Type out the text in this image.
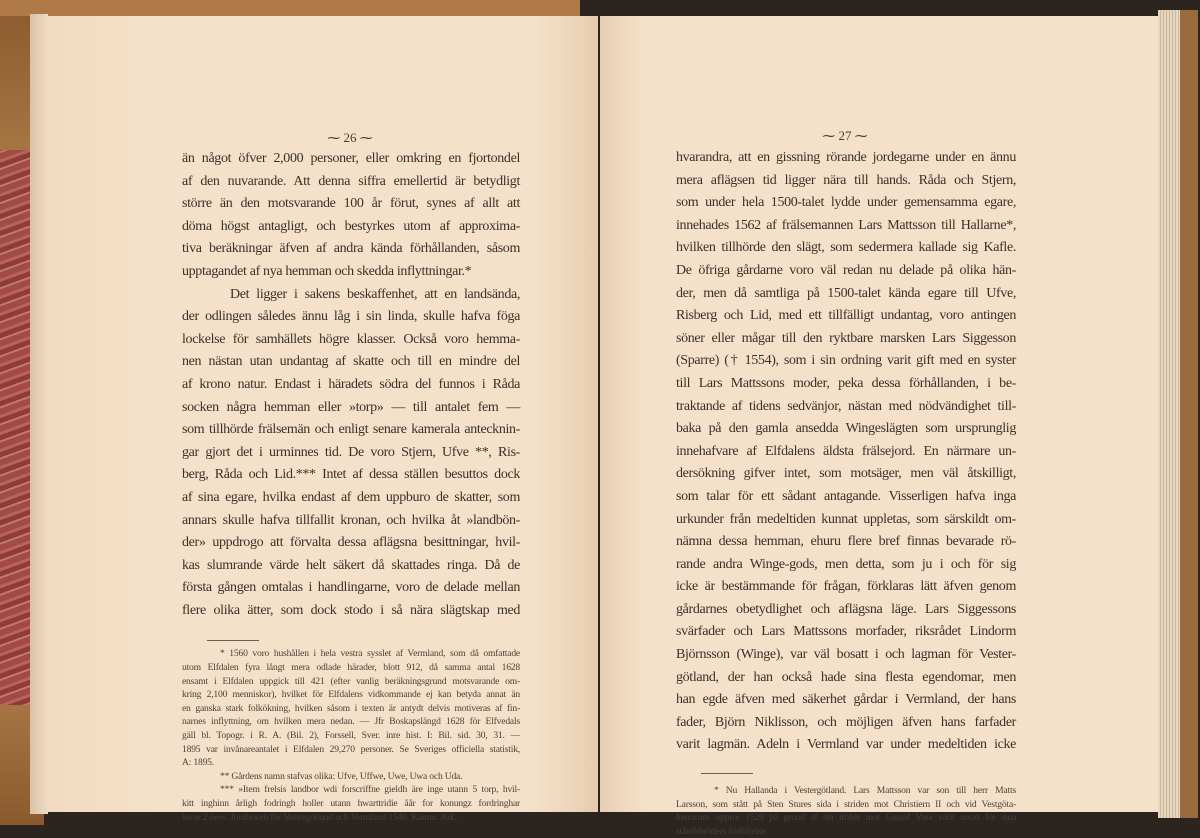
⁓ 26 ⁓	⁓ 27 ⁓
än något öfver 2,000 personer, eller omkring en fjortondel
af den nuvarande. Att denna siffra emellertid är betydligt
större än den motsvarande 100 år förut, synes af allt att
döma högst antagligt, och bestyrkes utom af approxima-
tiva beräkningar äfven af andra kända förhållanden, såsom
upptagandet af nya hemman och skedda inflyttningar.*
Det ligger i sakens beskaffenhet, att en landsända,
der odlingen således ännu låg i sin linda, skulle hafva föga
lockelse för samhällets högre klasser. Också voro hemma-
nen nästan utan undantag af skatte och till en mindre del
af krono natur. Endast i häradets södra del funnos i Råda
socken några hemman eller »torp» — till antalet fem —
som tillhörde frälsemän och enligt senare kamerala antecknin-
gar gjort det i urminnes tid. De voro Stjern, Ufve **, Ris-
berg, Råda och Lid.*** Intet af dessa ställen besuttos dock
af sina egare, hvilka endast af dem uppburo de skatter, som
annars skulle hafva tillfallit kronan, och hvilka åt »landbön-
der» uppdrogo att förvalta dessa aflägsna besittningar, hvil-
kas slumrande värde helt säkert då skattades ringa. Då de
första gången omtalas i handlingarne, voro de delade mellan
flere olika ätter, som dock stodo i så nära slägtskap med
* 1560 voro hushållen i hela vestra sysslet af Vermland, som då omfattade
utom Elfdalen fyra långt mera odlade härader, blott 912, då samma antal 1628
ensamt i Elfdalen uppgick till 421 (efter vanlig beräkningsgrund motsvarande om-
kring 2,100 menniskor), hvilket för Elfdalens vidkommande ej kan betyda annat än
en ganska stark folkökning, hvilken såsom i texten är antydt delvis motiveras af fin-
narnes inflyttning, om hvilken mera nedan. — Jfr Boskapslängd 1628 för Elfvedals
gäll bl. Topogr. i R. A. (Bil. 2), Forssell, Sver. inre hist. I: Bil. sid. 30, 31. —
1895 var invånareantalet i Elfdalen 29,270 personer. Se Sveriges officiella statistik,
A: 1895.
** Gårdens namn stafvas olika: Ufve, Uffwe, Uwe, Uwa och Uda.
*** »Item frelsis landbor wdi forscriffne gieldh äre inge utann 5 torp, hvil-
kitt inghinn årligh fodringh holler utann hwarttridie åår for konungz fordringhar
hwar 2 öre». Jordboken för Vestergötland och Vermland 1540. Kamm. Ark.
hvarandra, att en gissning rörande jordegarne under en ännu
mera aflägsen tid ligger nära till hands. Råda och Stjern,
som under hela 1500-talet lydde under gemensamma egare,
innehades 1562 af frälsemannen Lars Mattsson till Hallarne*,
hvilken tillhörde den slägt, som sedermera kallade sig Kafle.
De öfriga gårdarne voro väl redan nu delade på olika hän-
der, men då samtliga på 1500-talet kända egare till Ufve,
Risberg och Lid, med ett tillfälligt undantag, voro antingen
söner eller mågar till den ryktbare marsken Lars Siggesson
(Sparre) († 1554), som i sin ordning varit gift med en syster
till Lars Mattssons moder, peka dessa förhållanden, i be-
traktande af tidens sedvänjor, nästan med nödvändighet till-
baka på den gamla ansedda Wingeslägten som ursprunglig
innehafvare af Elfdalens äldsta frälsejord. En närmare un-
dersökning gifver intet, som motsäger, men väl åtskilligt,
som talar för ett sådant antagande. Visserligen hafva inga
urkunder från medeltiden kunnat uppletas, som särskildt om-
nämna dessa hemman, ehuru flere bref finnas bevarade rö-
rande andra Winge-gods, men detta, som ju i och för sig
icke är bestämmande för frågan, förklaras lätt äfven genom
gårdarnes obetydlighet och aflägsna läge. Lars Siggessons
svärfader och Lars Mattssons morfader, riksrådet Lindorm
Björnsson (Winge), var väl bosatt i och lagman för Vester-
götland, der han också hade sina flesta egendomar, men
han egde äfven med säkerhet gårdar i Vermland, der hans
fader, Björn Niklisson, och möjligen äfven hans farfader
varit lagmän. Adeln i Vermland var under medeltiden icke
* Nu Hallanda i Vestergötland. Lars Mattsson var son till herr Matts
Larsson, som stått på Sten Stures sida i striden mot Christiern II och vid Vestgöta-
herrarnes uppror 1529 på grund af sin trohet mot Gustaf Vasa varit utsatt för sina
ståndsbröders förföljelse.
